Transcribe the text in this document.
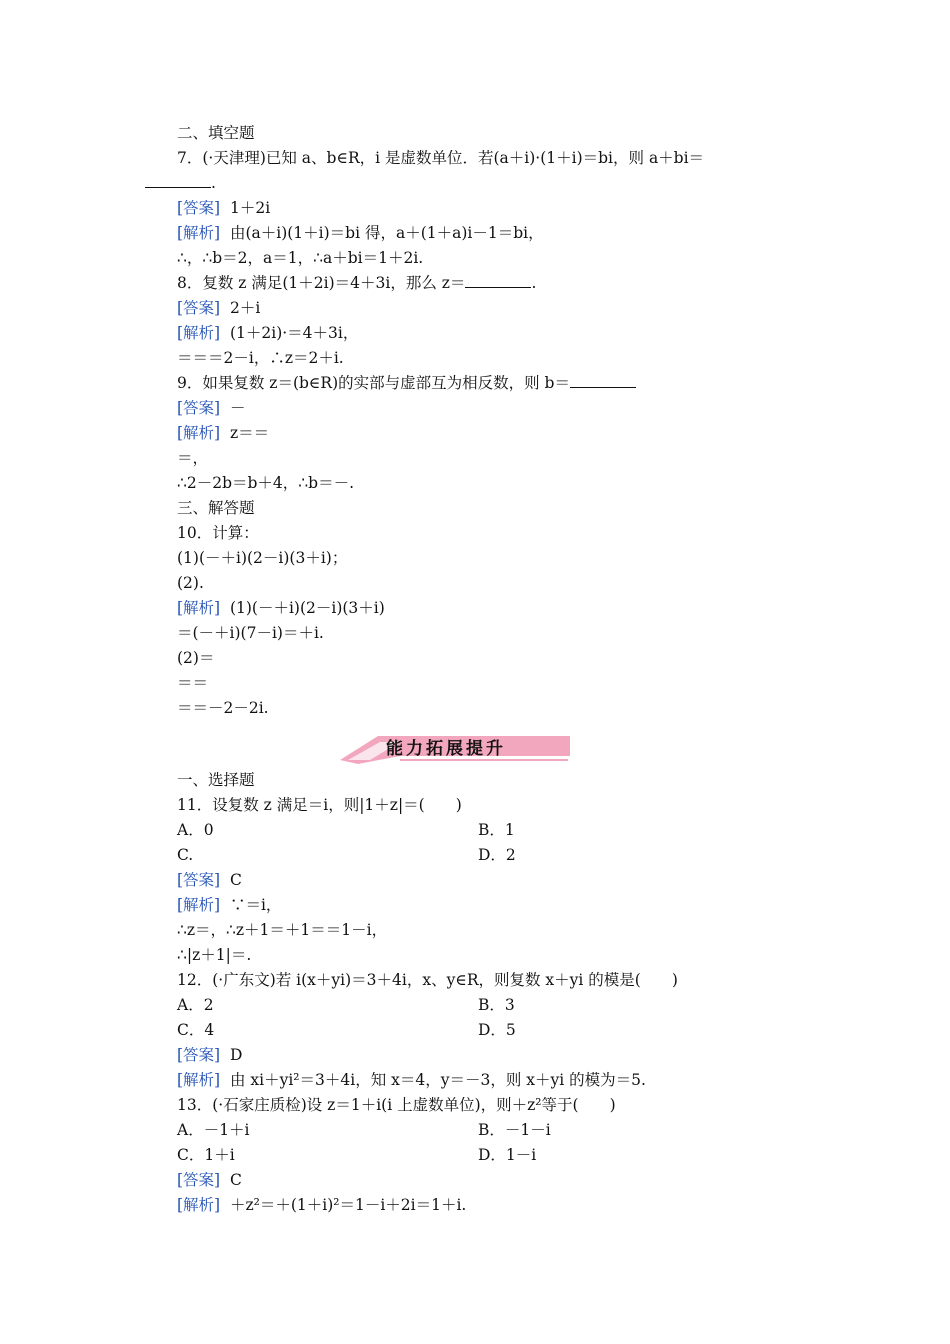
二、填空题
7．(·天津理)已知 a、b∈R，i 是虚数单位．若(a＋i)·(1＋i)＝bi，则 a＋bi＝
.
[答案] 1＋2i
[解析] 由(a＋i)(1＋i)＝bi 得，a＋(1＋a)i－1＝bi，
∴，∴b＝2，a＝1，∴a＋bi＝1＋2i.
8．复数 z 满足(1＋2i)＝4＋3i，那么 z＝	.
[答案] 2＋i
[解析] (1＋2i)·＝4＋3i，
＝＝＝2－i，∴z＝2＋i.
9．如果复数 z＝(b∈R)的实部与虚部互为相反数，则 b＝
[答案] －
[解析] z＝＝
＝，
∴2－2b＝b＋4，∴b＝－.
三、解答题
10．计算：
(1)(－＋i)(2－i)(3＋i)；
(2).
[解析] (1)(－＋i)(2－i)(3＋i)
＝(－＋i)(7－i)＝＋i.
(2)＝
＝＝
＝＝－2－2i.
能力拓展提升
一、选择题
11．设复数 z 满足＝i，则|1＋z|＝(　　)
A．0	B．1
C.	D．2
[答案] C
[解析] ∵＝i，
∴z＝，∴z＋1＝＋1＝＝1－i，
∴|z＋1|＝.
12．(·广东文)若 i(x＋yi)＝3＋4i，x、y∈R，则复数 x＋yi 的模是(　　)
A．2	B．3
C．4	D．5
[答案] D
[解析] 由 xi＋yi²＝3＋4i，知 x＝4，y＝－3，则 x＋yi 的模为＝5.
13．(·石家庄质检)设 z＝1＋i(i 上虚数单位)，则＋z²等于(　　)
A．－1＋i	B．－1－i
C．1＋i	D．1－i
[答案] C
[解析] ＋z²＝＋(1＋i)²＝1－i＋2i＝1＋i.
